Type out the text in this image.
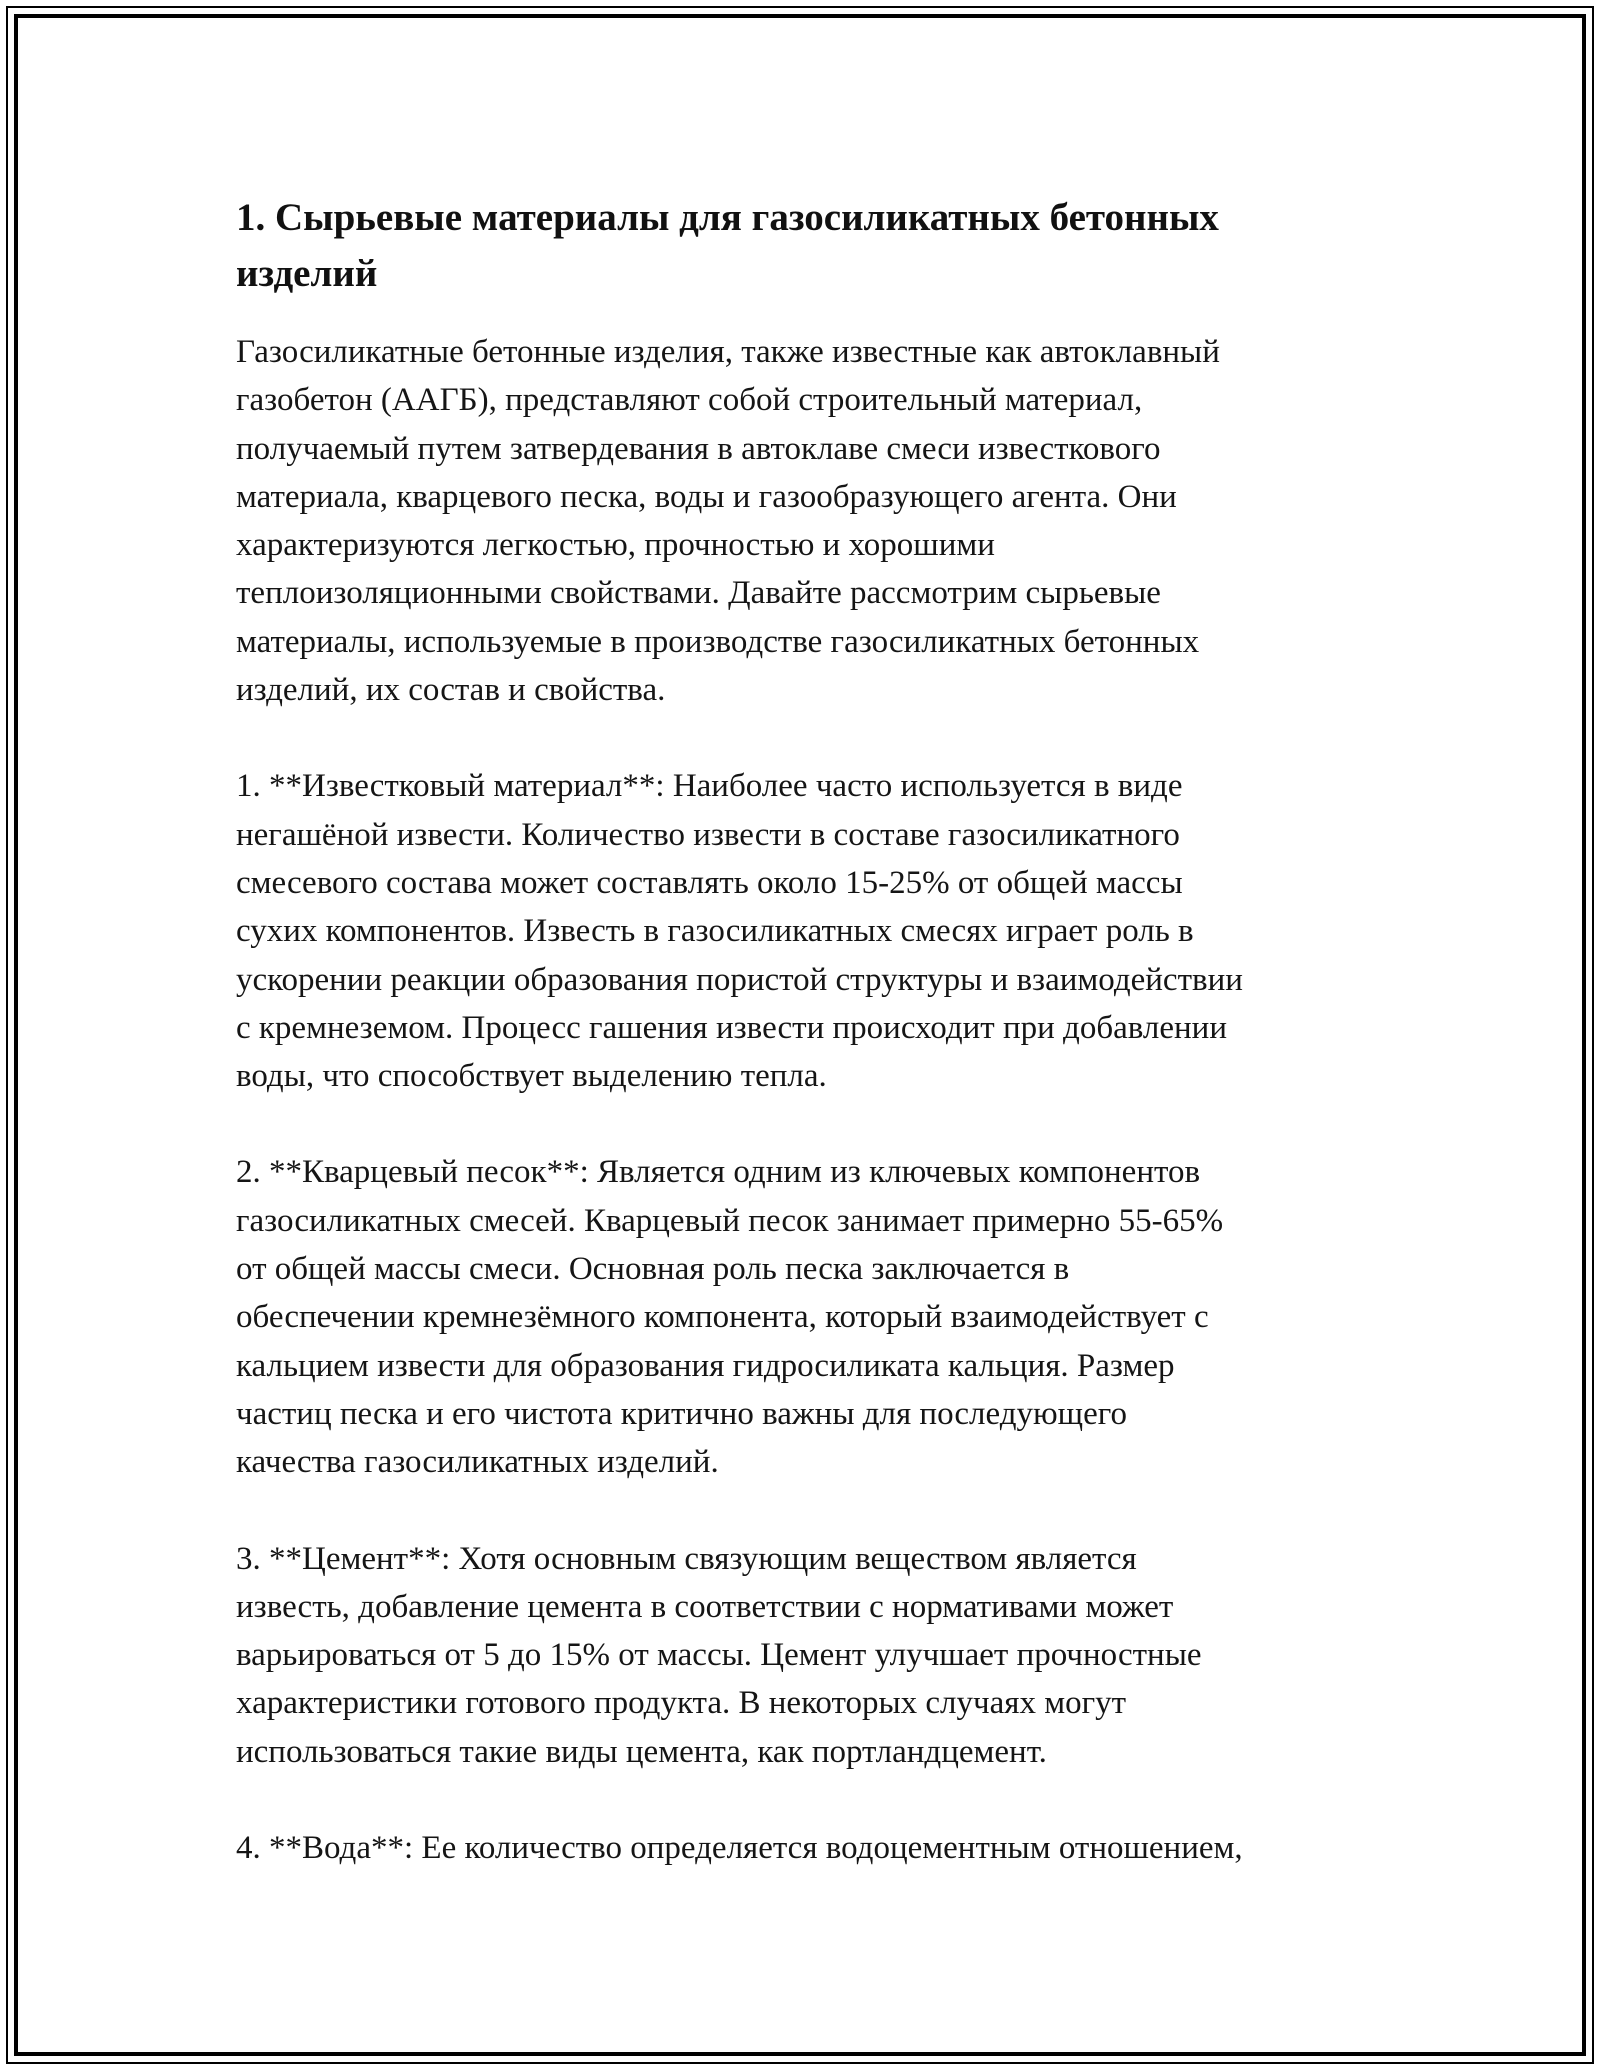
1. Сырьевые материалы для газосиликатных бетонных
изделий

Газосиликатные бетонные изделия, также известные как автоклавный
газобетон (ААГБ), представляют собой строительный материал,
получаемый путем затвердевания в автоклаве смеси известкового
материала, кварцевого песка, воды и газообразующего агента. Они
характеризуются легкостью, прочностью и хорошими
теплоизоляционными свойствами. Давайте рассмотрим сырьевые
материалы, используемые в производстве газосиликатных бетонных
изделий, их состав и свойства.

1. **Известковый материал**: Наиболее часто используется в виде
негашёной извести. Количество извести в составе газосиликатного
смесевого состава может составлять около 15-25% от общей массы
сухих компонентов. Известь в газосиликатных смесях играет роль в
ускорении реакции образования пористой структуры и взаимодействии
с кремнеземом. Процесс гашения извести происходит при добавлении
воды, что способствует выделению тепла.

2. **Кварцевый песок**: Является одним из ключевых компонентов
газосиликатных смесей. Кварцевый песок занимает примерно 55-65%
от общей массы смеси. Основная роль песка заключается в
обеспечении кремнезёмного компонента, который взаимодействует с
кальцием извести для образования гидросиликата кальция. Размер
частиц песка и его чистота критично важны для последующего
качества газосиликатных изделий.

3. **Цемент**: Хотя основным связующим веществом является
известь, добавление цемента в соответствии с нормативами может
варьироваться от 5 до 15% от массы. Цемент улучшает прочностные
характеристики готового продукта. В некоторых случаях могут
использоваться такие виды цемента, как портландцемент.

4. **Вода**: Ее количество определяется водоцементным отношением,
